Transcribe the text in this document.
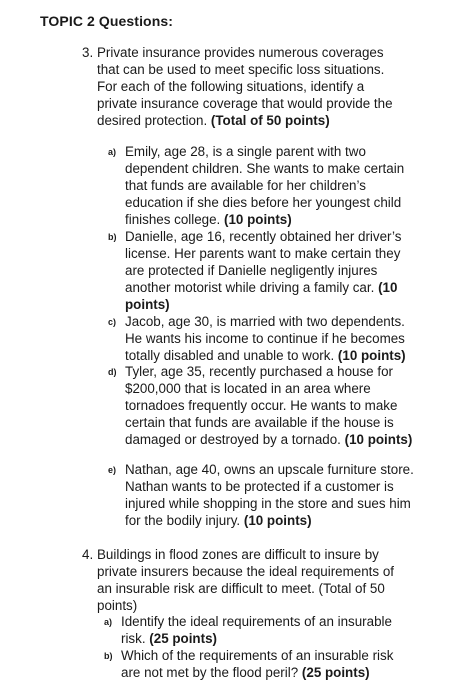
TOPIC 2 Questions:
3. Private insurance provides numerous coverages that can be used to meet specific loss situations. For each of the following situations, identify a private insurance coverage that would provide the desired protection. (Total of 50 points)
a) Emily, age 28, is a single parent with two dependent children. She wants to make certain that funds are available for her children’s education if she dies before her youngest child finishes college. (10 points)
b) Danielle, age 16, recently obtained her driver’s license. Her parents want to make certain they are protected if Danielle negligently injures another motorist while driving a family car. (10 points)
c) Jacob, age 30, is married with two dependents. He wants his income to continue if he becomes totally disabled and unable to work. (10 points)
d) Tyler, age 35, recently purchased a house for $200,000 that is located in an area where tornadoes frequently occur. He wants to make certain that funds are available if the house is damaged or destroyed by a tornado. (10 points)
e) Nathan, age 40, owns an upscale furniture store. Nathan wants to be protected if a customer is injured while shopping in the store and sues him for the bodily injury. (10 points)
4. Buildings in flood zones are difficult to insure by private insurers because the ideal requirements of an insurable risk are difficult to meet. (Total of 50 points)
a) Identify the ideal requirements of an insurable risk. (25 points)
b) Which of the requirements of an insurable risk are not met by the flood peril? (25 points)
